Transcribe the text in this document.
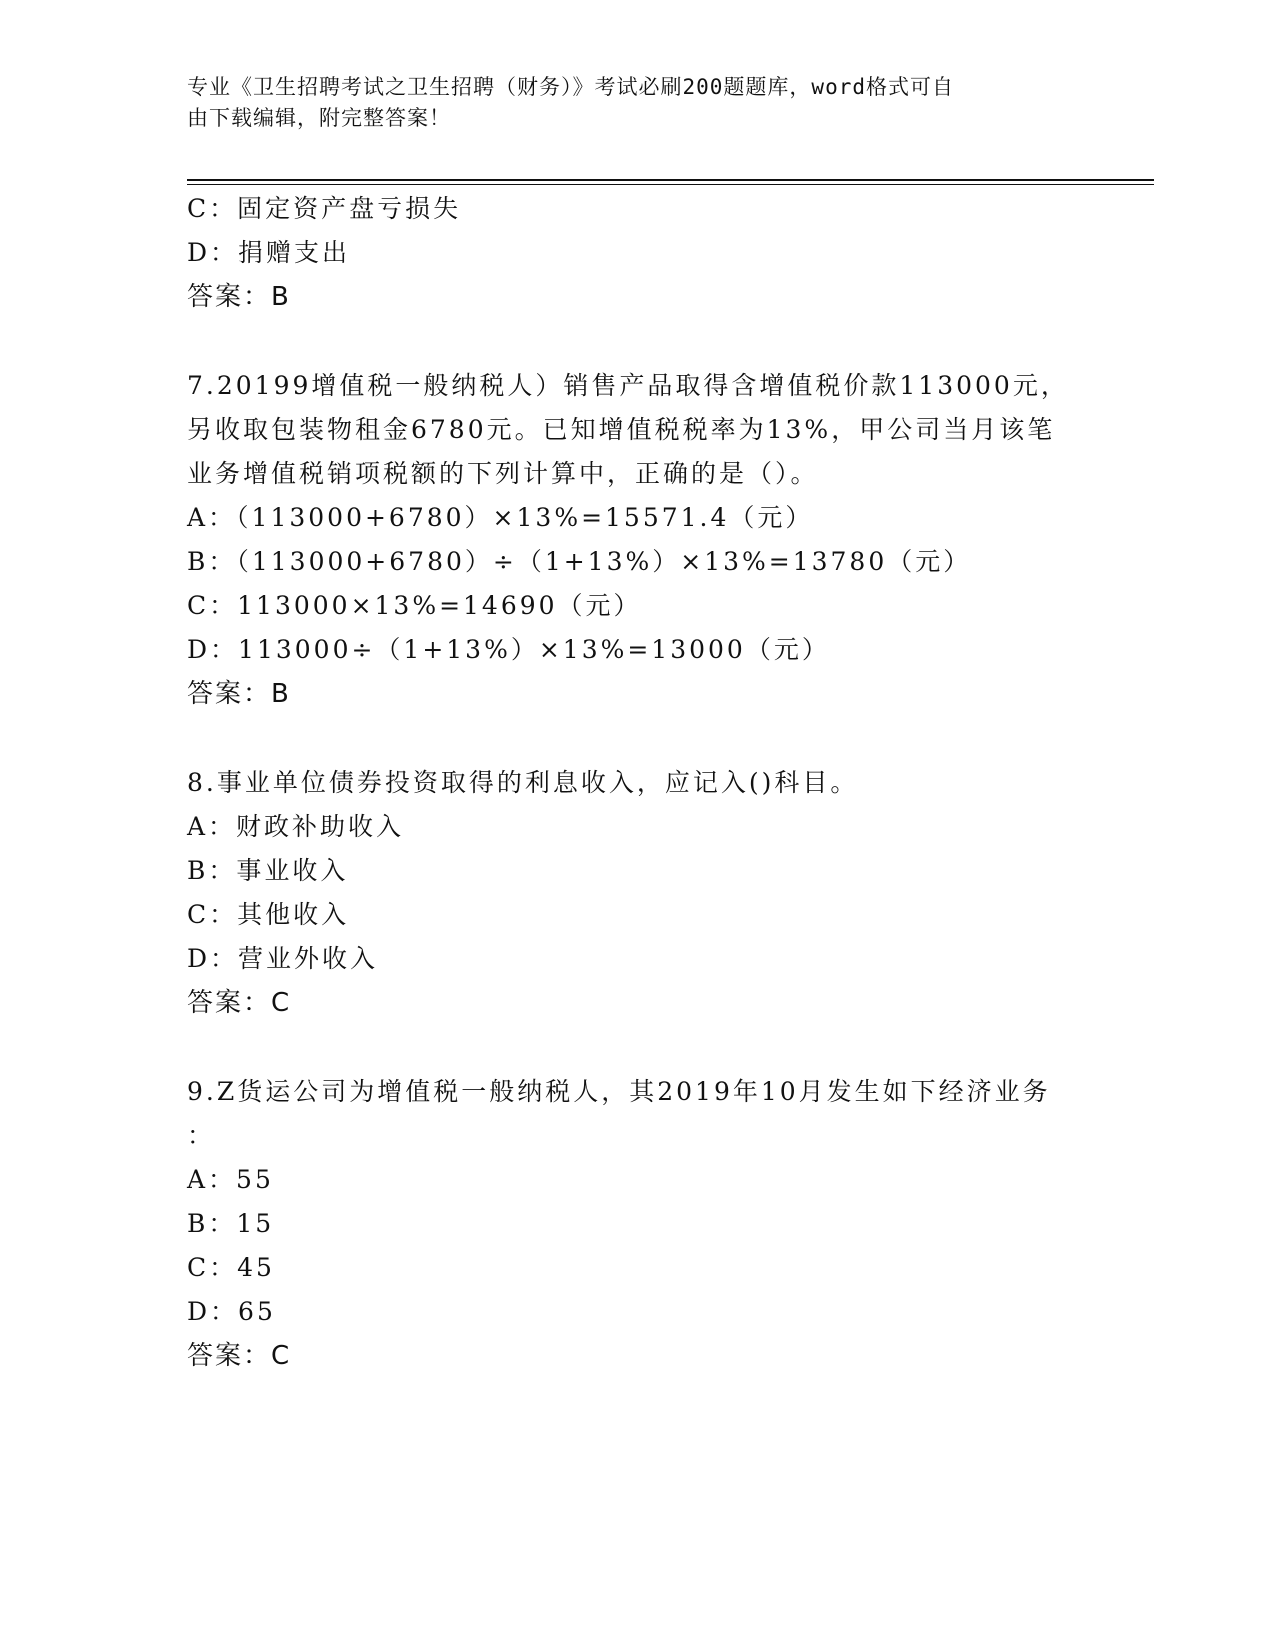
专业《卫生招聘考试之卫生招聘（财务）》考试必刷200题题库，word格式可自
由下载编辑，附完整答案！
C：固定资产盘亏损失
D：捐赠支出
答案：B
7.20199增值税一般纳税人）销售产品取得含增值税价款113000元，
另收取包装物租金6780元。已知增值税税率为13%，甲公司当月该笔
业务增值税销项税额的下列计算中，正确的是（）。
A：（113000+6780）×13%=15571.4（元）
B：（113000+6780）÷（1+13%）×13%=13780（元）
C：113000×13%=14690（元）
D：113000÷（1+13%）×13%=13000（元）
答案：B
8.事业单位债券投资取得的利息收入，应记入()科目。
A：财政补助收入
B：事业收入
C：其他收入
D：营业外收入
答案：C
9.Z货运公司为增值税一般纳税人，其2019年10月发生如下经济业务
：
A：55
B：15
C：45
D：65
答案：C
